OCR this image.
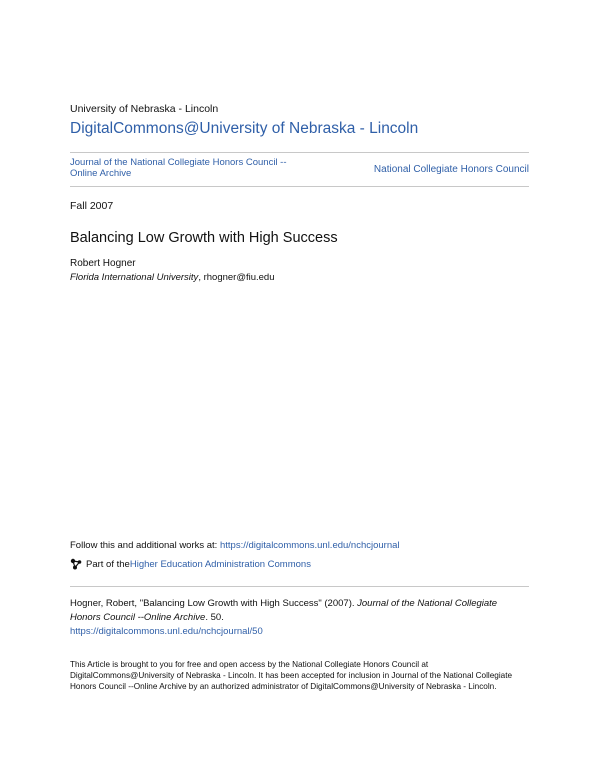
University of Nebraska - Lincoln
DigitalCommons@University of Nebraska - Lincoln
Journal of the National Collegiate Honors Council --Online Archive	National Collegiate Honors Council
Fall 2007
Balancing Low Growth with High Success
Robert Hogner
Florida International University, rhogner@fiu.edu
Follow this and additional works at: https://digitalcommons.unl.edu/nchcjournal
Part of the Higher Education Administration Commons
Hogner, Robert, "Balancing Low Growth with High Success" (2007). Journal of the National Collegiate Honors Council --Online Archive. 50.
https://digitalcommons.unl.edu/nchcjournal/50
This Article is brought to you for free and open access by the National Collegiate Honors Council at DigitalCommons@University of Nebraska - Lincoln. It has been accepted for inclusion in Journal of the National Collegiate Honors Council --Online Archive by an authorized administrator of DigitalCommons@University of Nebraska - Lincoln.
